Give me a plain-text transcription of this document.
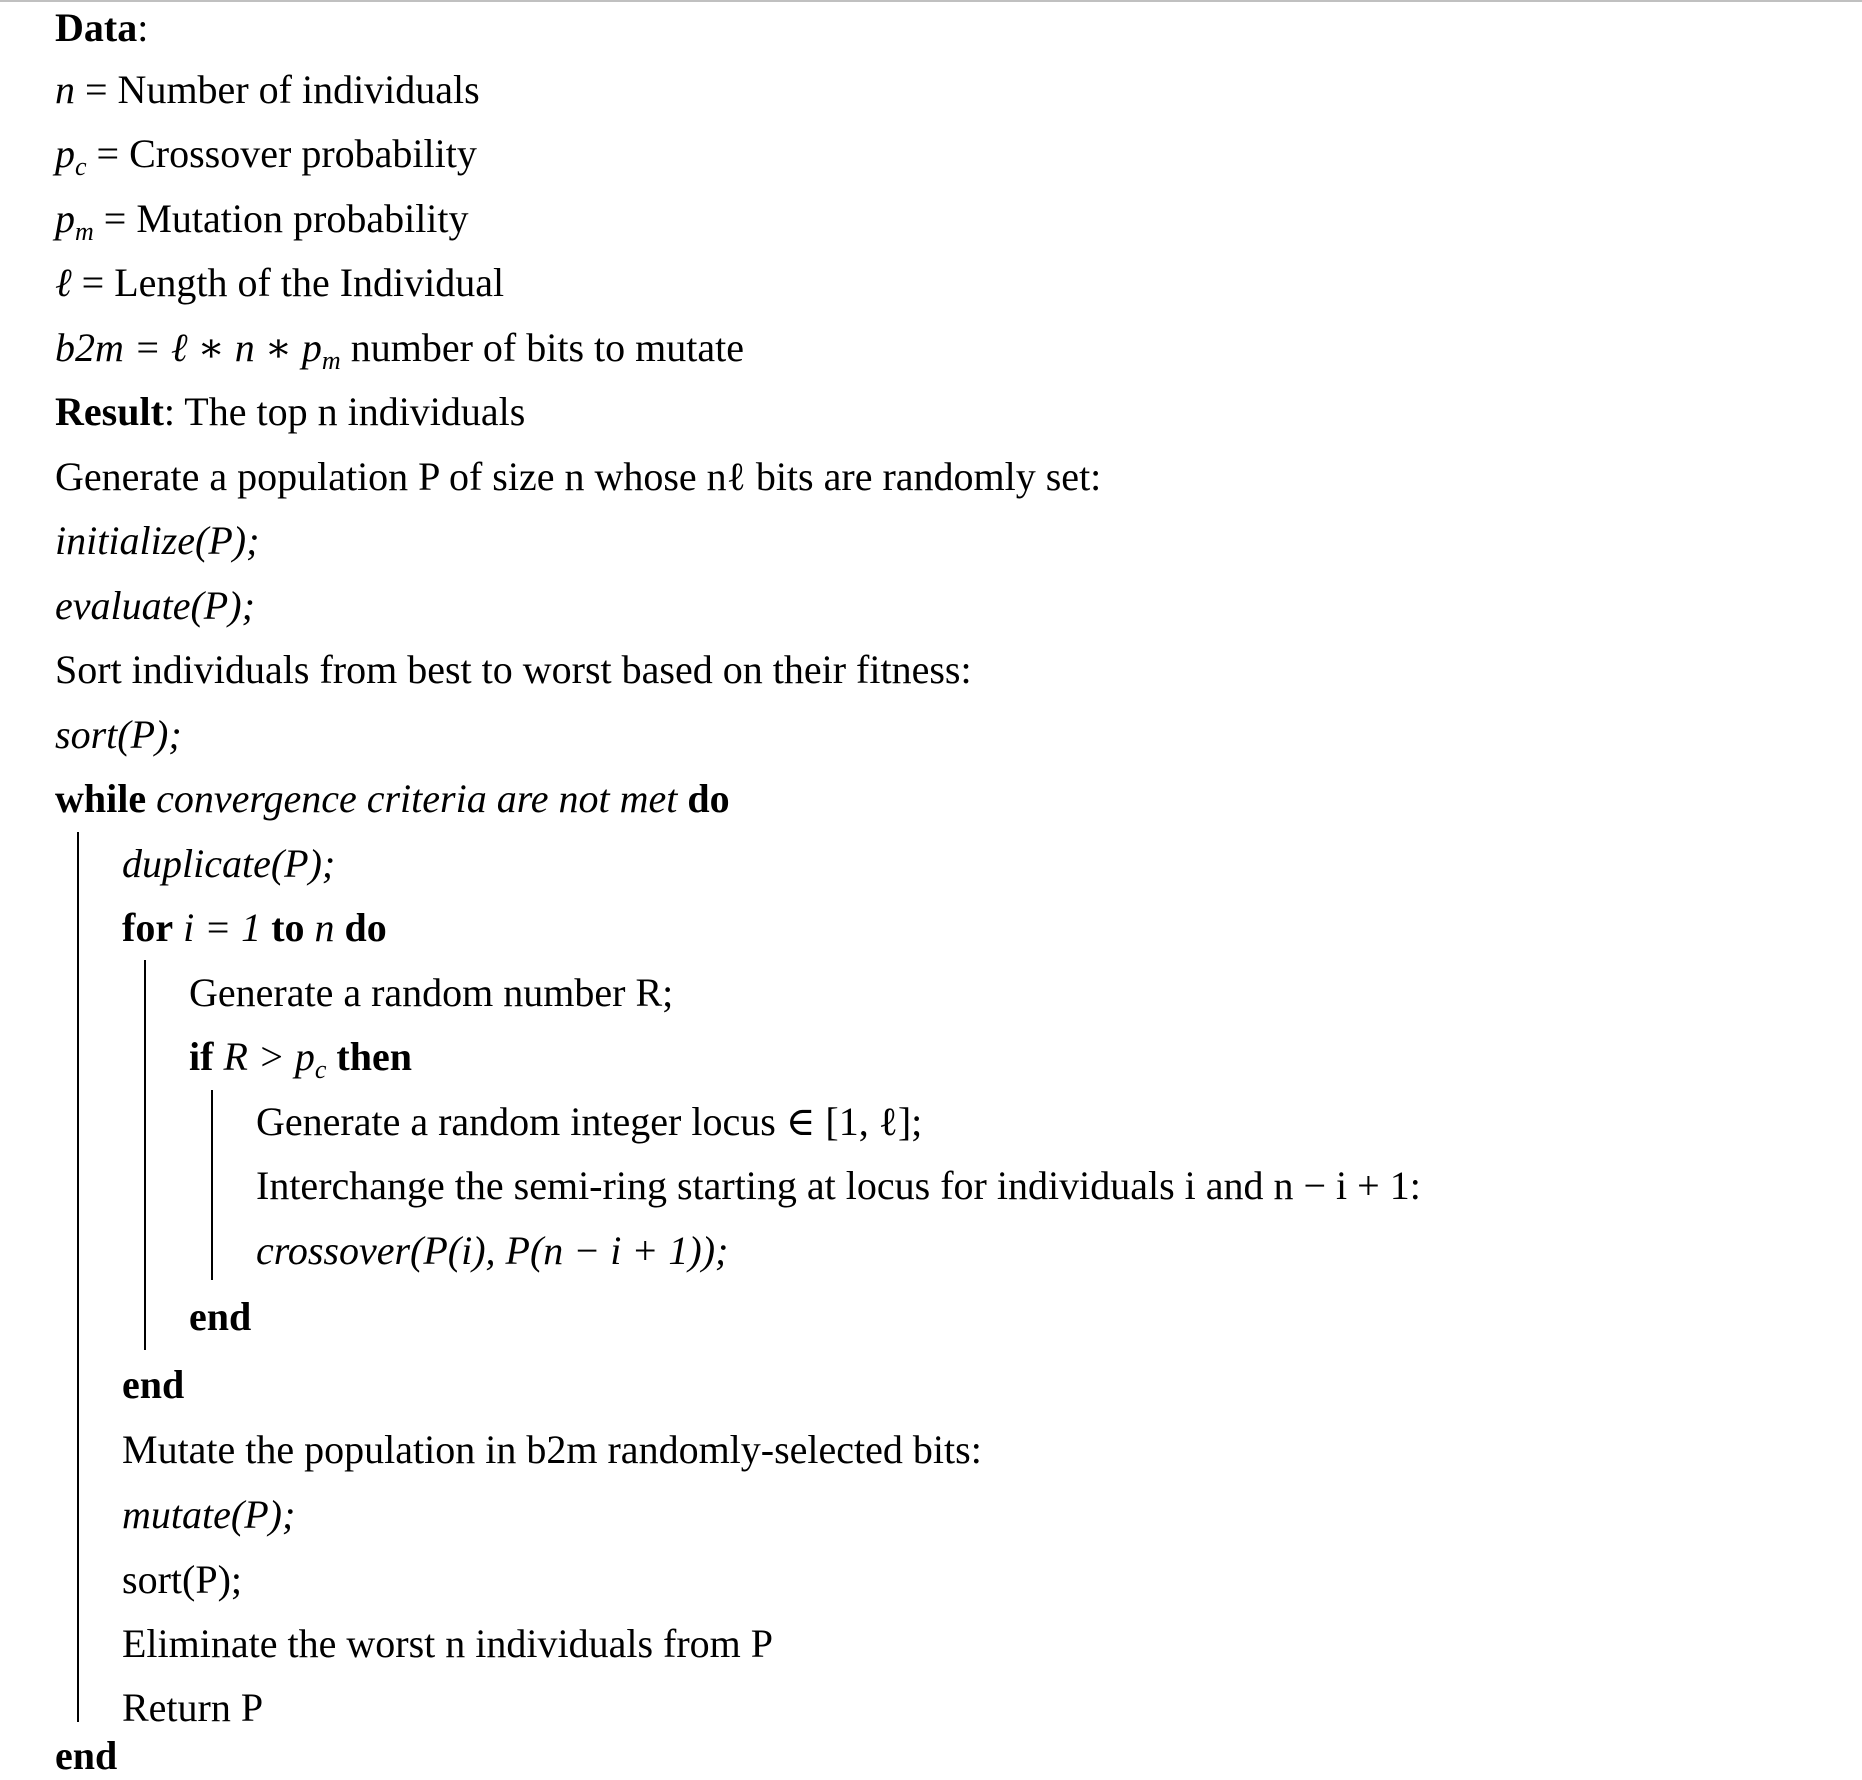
Data:
n = Number of individuals
$p_c$ = Crossover probability
$p_m$ = Mutation probability
ℓ = Length of the Individual
b2m = ℓ ∗ n ∗ $p_m$ number of bits to mutate
Result: The top n individuals
Generate a population P of size n whose nℓ bits are randomly set:
initialize(P);
evaluate(P);
Sort individuals from best to worst based on their fitness:
sort(P);
while convergence criteria are not met do
duplicate(P);
for i = 1 to n do
Generate a random number R;
if $R > p_c$ then
Generate a random integer locus ∈ [1, ℓ];
Interchange the semi-ring starting at locus for individuals i and n − i + 1:
crossover(P(i), P(n − i + 1));
end
end
Mutate the population in b2m randomly-selected bits:
mutate(P);
sort(P);
Eliminate the worst n individuals from P
Return P
end
